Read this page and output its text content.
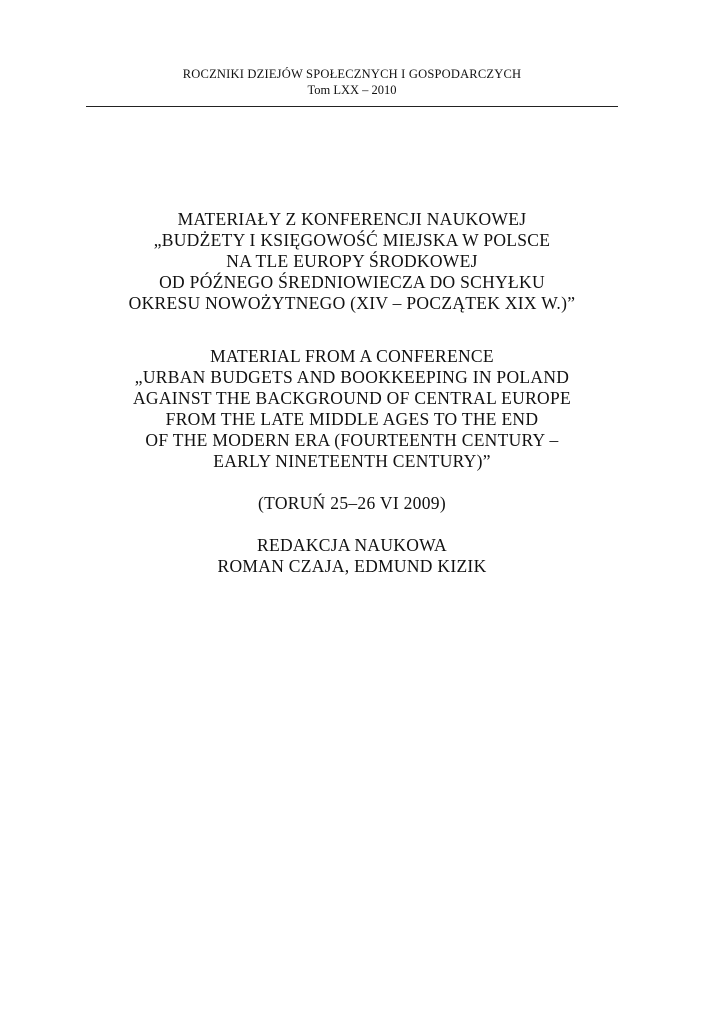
ROCZNIKI DZIEJÓW SPOŁECZNYCH I GOSPODARCZYCH
Tom LXX – 2010
MATERIAŁY Z KONFERENCJI NAUKOWEJ
„BUDŻETY I KSIĘGOWOŚĆ MIEJSKA W POLSCE
NA TLE EUROPY ŚRODKOWEJ
OD PÓŹNEGO ŚREDNIOWIECZA DO SCHYŁKU
OKRESU NOWOŻYTNEGO (XIV – POCZĄTEK XIX W.)”
MATERIAL FROM A CONFERENCE
„URBAN BUDGETS AND BOOKKEEPING IN POLAND
AGAINST THE BACKGROUND OF CENTRAL EUROPE
FROM THE LATE MIDDLE AGES TO THE END
OF THE MODERN ERA (FOURTEENTH CENTURY –
EARLY NINETEENTH CENTURY)”
(TORUŃ 25–26 VI 2009)
REDAKCJA NAUKOWA
ROMAN CZAJA, EDMUND KIZIK
